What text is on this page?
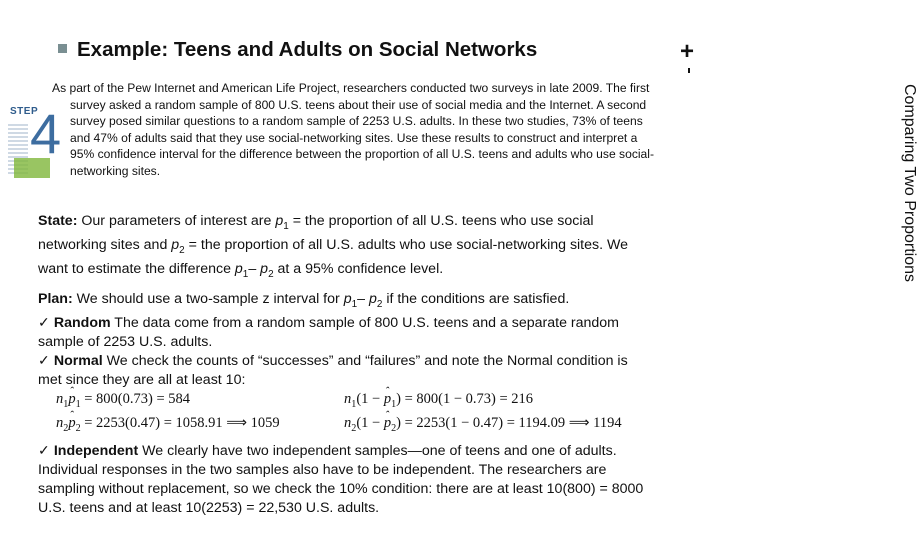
Example: Teens and Adults on Social Networks	+
Comparing Two Proportions
STEP
4

As part of the Pew Internet and American Life Project, researchers conducted two surveys in late 2009. The first survey asked a random sample of 800 U.S. teens about their use of social media and the Internet. A second survey posed similar questions to a random sample of 2253 U.S. adults. In these two studies, 73% of teens and 47% of adults said that they use social-networking sites. Use these results to construct and interpret a 95% confidence interval for the difference between the proportion of all U.S. teens and adults who use social-networking sites.

State: Our parameters of interest are $p_1$ = the proportion of all U.S. teens who use social networking sites and $p_2$ = the proportion of all U.S. adults who use social-networking sites. We want to estimate the difference $p_1-$ $p_2$ at a 95% confidence level.

Plan: We should use a two-sample z interval for $p_1-$ $p_2$ if the conditions are satisfied.

✓ Random The data come from a random sample of 800 U.S. teens and a separate random sample of 2253 U.S. adults.

✓ Normal We check the counts of “successes” and “failures” and note the Normal condition is met since they are all at least 10:

$n_1ˆ$ $p_1 = 800(0.73) = 584$
$n_2ˆ$ $p_2 = 2253(0.47) = 1058.91$ ⟹ 1059
$n_1(1$ − ˆ $p_1) = 800(1 - 0.73) = 216$
$n_2(1$ − ˆ $p_2) = 2253(1 - 0.47) = 1194.09$ ⟹ 1194

✓ Independent We clearly have two independent samples—one of teens and one of adults. Individual responses in the two samples also have to be independent. The researchers are sampling without replacement, so we check the 10% condition: there are at least 10(800) = 8000 U.S. teens and at least 10(2253) = 22,530 U.S. adults.
